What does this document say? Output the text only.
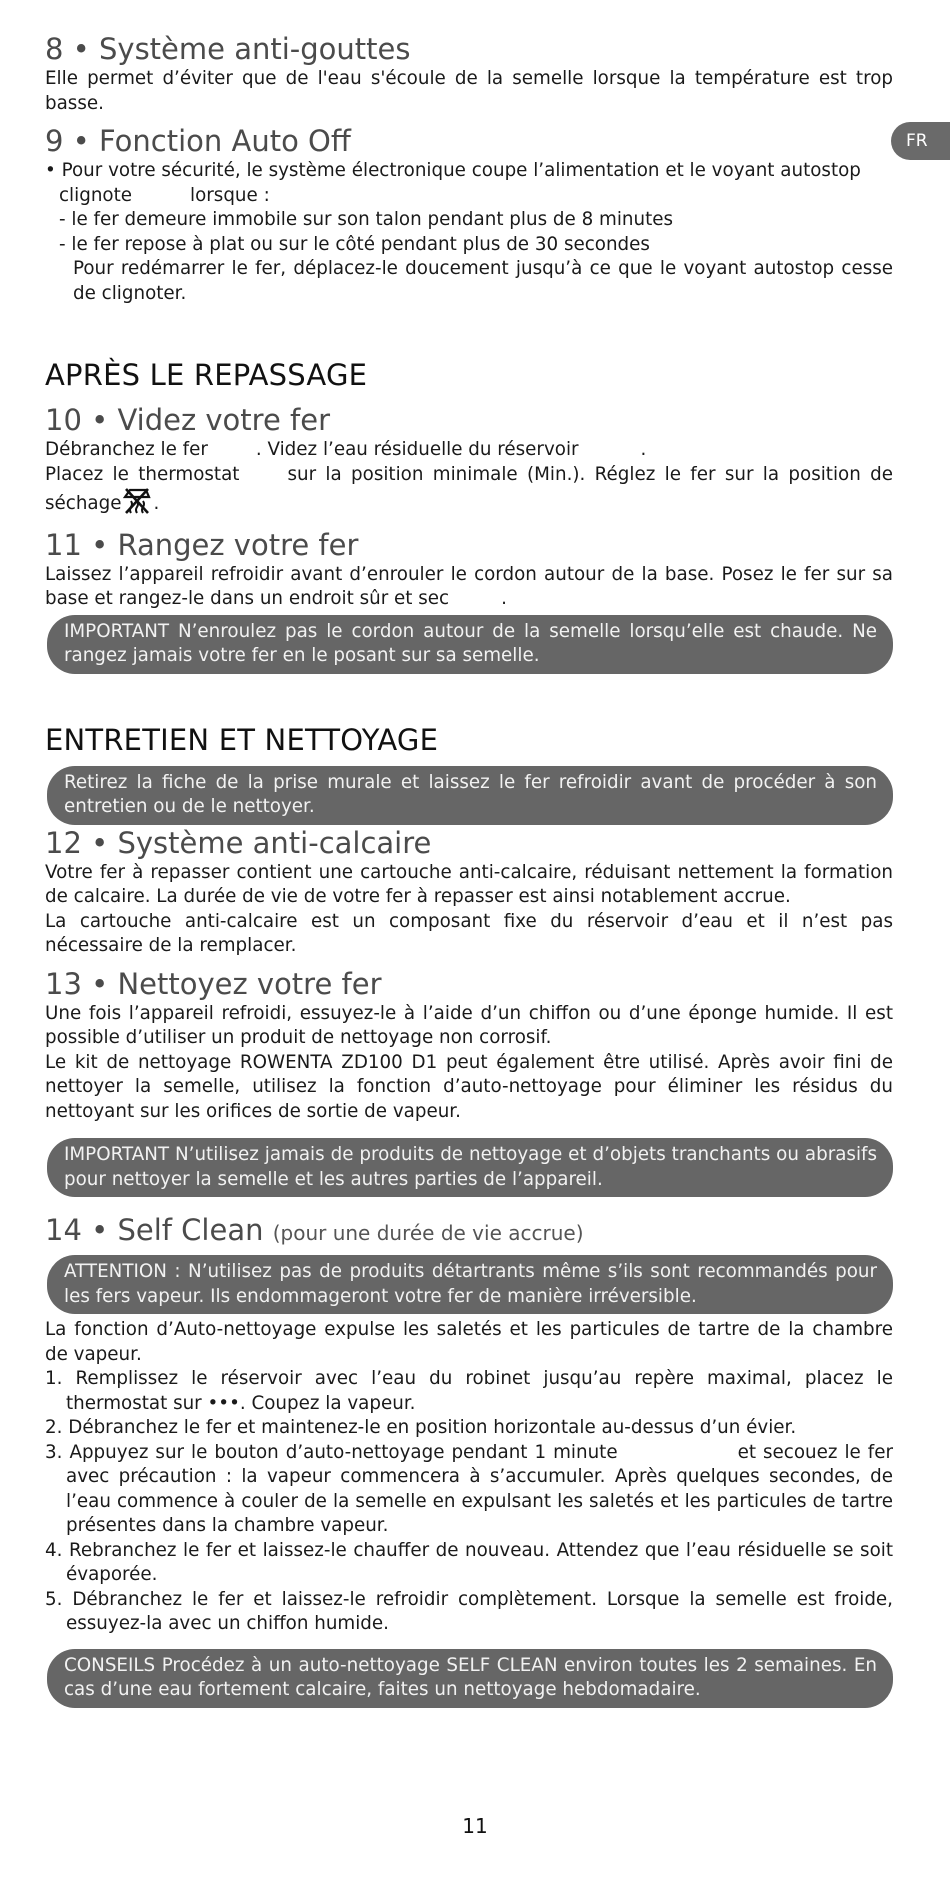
FR
8 • Système anti-gouttes

Elle permet d’éviter que de l'eau s'écoule de la semelle lorsque la température est trop basse.

9 • Fonction Auto Off

• Pour votre sécurité, le système électronique coupe l’alimentation et le voyant autostop
clignote	lorsque :

- le fer demeure immobile sur son talon pendant plus de 8 minutes

- le fer repose à plat ou sur le côté pendant plus de 30 secondes

Pour redémarrer le fer, déplacez-le doucement jusqu’à ce que le voyant autostop cesse de clignoter.

APRÈS LE REPASSAGE
10 • Videz votre fer

Débranchez le fer	. Videz l’eau résiduelle du réservoir	.

Placez le thermostat	sur la position minimale (Min.). Réglez le fer sur la position de séchage .

11 • Rangez votre fer

Laissez l’appareil refroidir avant d’enrouler le cordon autour de la base. Posez le fer sur sa base et rangez-le dans un endroit sûr et sec	.

IMPORTANT N’enroulez pas le cordon autour de la semelle lorsqu’elle est chaude. Ne rangez jamais votre fer en le posant sur sa semelle.
ENTRETIEN ET NETTOYAGE
Retirez la fiche de la prise murale et laissez le fer refroidir avant de procéder à son entretien ou de le nettoyer.
12 • Système anti-calcaire

Votre fer à repasser contient une cartouche anti-calcaire, réduisant nettement la formation de calcaire. La durée de vie de votre fer à repasser est ainsi notablement accrue.

La cartouche anti-calcaire est un composant fixe du réservoir d’eau et il n’est pas nécessaire de la remplacer.

13 • Nettoyez votre fer

Une fois l’appareil refroidi, essuyez-le à l’aide d’un chiffon ou d’une éponge humide. Il est possible d’utiliser un produit de nettoyage non corrosif.

Le kit de nettoyage ROWENTA ZD100 D1 peut également être utilisé. Après avoir fini de nettoyer la semelle, utilisez la fonction d’auto-nettoyage pour éliminer les résidus du nettoyant sur les orifices de sortie de vapeur.

IMPORTANT N’utilisez jamais de produits de nettoyage et d’objets tranchants ou abrasifs pour nettoyer la semelle et les autres parties de l’appareil.
14 • Self Clean (pour une durée de vie accrue)
ATTENTION : N’utilisez pas de produits détartrants même s’ils sont recommandés pour les fers vapeur. Ils endommageront votre fer de manière irréversible.

La fonction d’Auto-nettoyage expulse les saletés et les particules de tartre de la chambre de vapeur.

1. Remplissez le réservoir avec l’eau du robinet jusqu’au repère maximal, placez le thermostat sur •••. Coupez la vapeur.

2. Débranchez le fer et maintenez-le en position horizontale au-dessus d’un évier.

3. Appuyez sur le bouton d’auto-nettoyage pendant 1 minute	et secouez le fer avec précaution : la vapeur commencera à s’accumuler. Après quelques secondes, de l’eau commence à couler de la semelle en expulsant les saletés et les particules de tartre présentes dans la chambre vapeur.

4. Rebranchez le fer et laissez-le chauffer de nouveau. Attendez que l’eau résiduelle se soit évaporée.

5. Débranchez le fer et laissez-le refroidir complètement. Lorsque la semelle est froide, essuyez-la avec un chiffon humide.

CONSEILS Procédez à un auto-nettoyage SELF CLEAN environ toutes les 2 semaines. En cas d’une eau fortement calcaire, faites un nettoyage hebdomadaire.
11
